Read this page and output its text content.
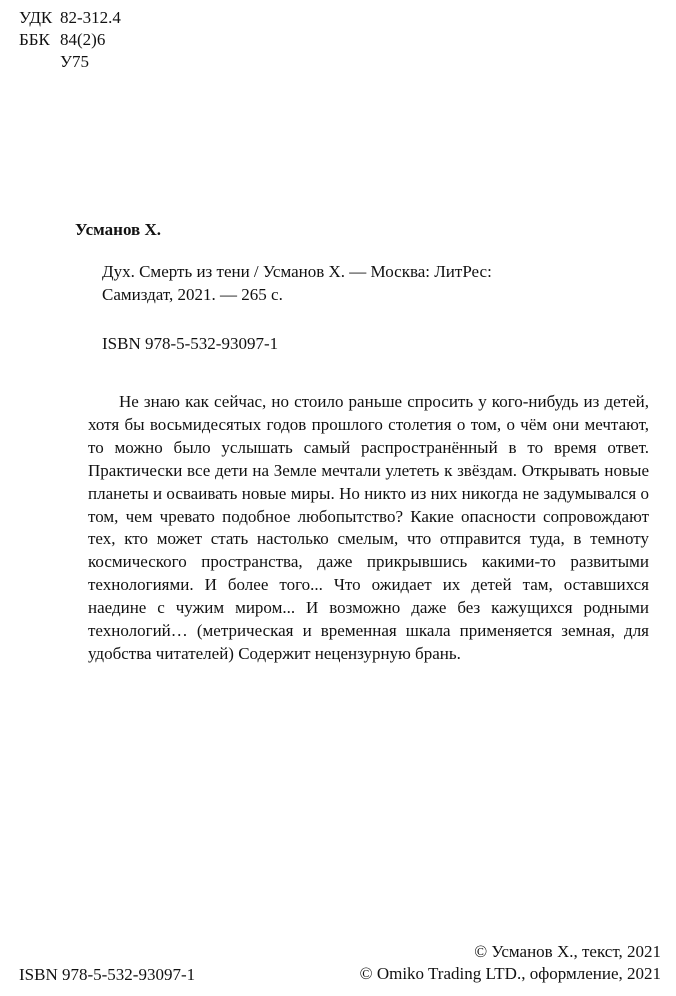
УДК 82-312.4
ББК 84(2)6
У75
Усманов Х.
Дух. Смерть из тени / Усманов Х. — Москва: ЛитРес:
Самиздат, 2021. — 265 с.
ISBN 978-5-532-93097-1
Не знаю как сейчас, но стоило раньше спросить у кого-нибудь из детей, хотя бы восьмидесятых годов прошлого столетия о том, о чём они мечтают, то можно было услышать самый распространённый в то время ответ. Практически все дети на Земле мечтали улететь к звёздам. Открывать новые планеты и осваивать новые миры. Но никто из них никогда не задумывался о том, чем чревато подобное любопытство? Какие опасности сопровождают тех, кто может стать настолько смелым, что отправится туда, в темноту космического пространства, даже прикрывшись какими-то развитыми технологиями. И более того... Что ожидает их детей там, оставшихся наедине с чужим миром... И возможно даже без кажущихся родными технологий… (метрическая и временная шкала применяется земная, для удобства читателей) Содержит нецензурную брань.
ISBN 978-5-532-93097-1
© Усманов Х., текст, 2021
© Omiko Trading LTD., оформление, 2021
